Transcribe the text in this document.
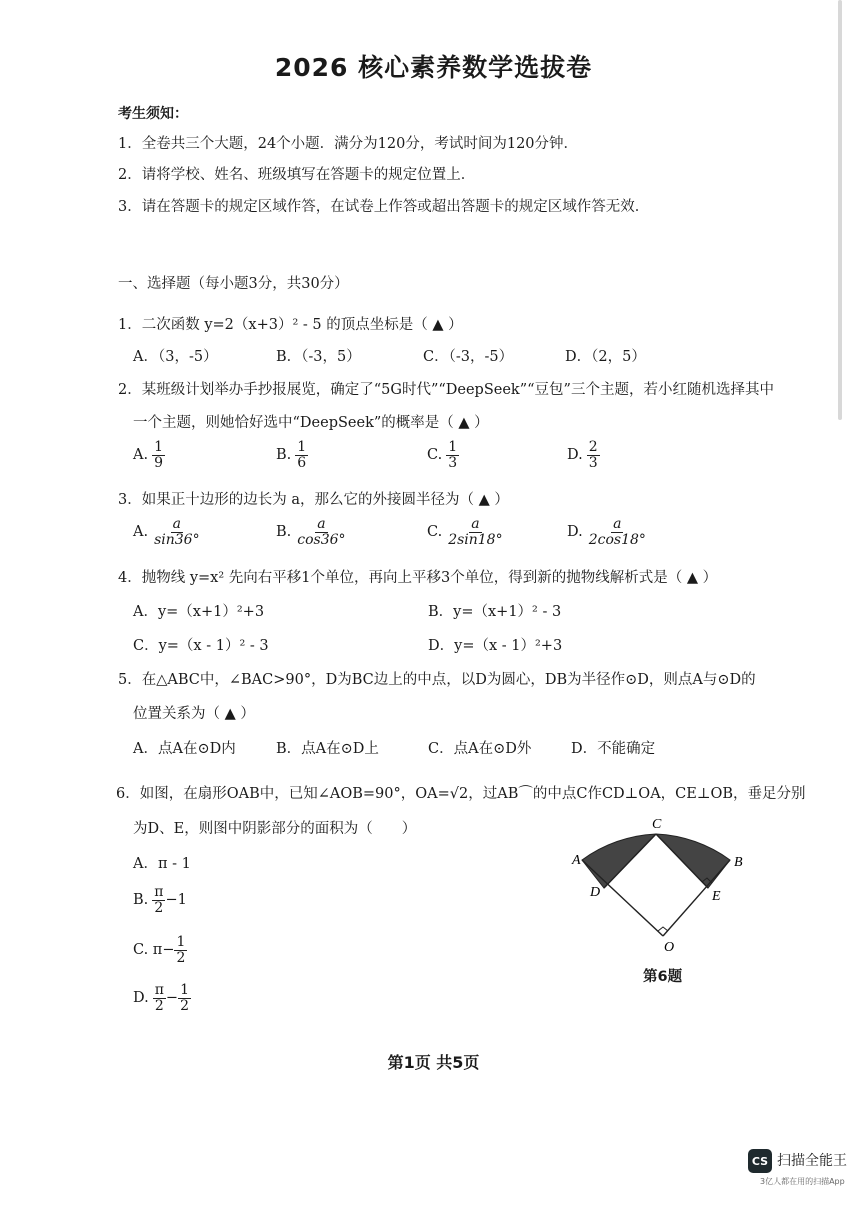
2026 核心素养数学选拔卷
考生须知：
1．全卷共三个大题，24个小题．满分为120分，考试时间为120分钟．
2．请将学校、姓名、班级填写在答题卡的规定位置上．
3．请在答题卡的规定区域作答，在试卷上作答或超出答题卡的规定区域作答无效．
一、选择题（每小题3分，共30分）
1．二次函数 y=2（x+3）² - 5 的顶点坐标是（ ▲ ）
A．（3，-5）	B．（-3，5）	C．（-3，-5）	D．（2，5）
2．某班级计划举办手抄报展览，确定了“5G时代”“DeepSeek”“豆包”三个主题，若小红随机选择其中
一个主题，则她恰好选中“DeepSeek”的概率是（ ▲ ）
A. $\frac{1}{9}$	B. $\frac{1}{6}$	C. $\frac{1}{3}$	D. $\frac{2}{3}$
3．如果正十边形的边长为 a，那么它的外接圆半径为（ ▲ ）
A. $\frac{a}{\sin 36^\circ}$	B. $\frac{a}{\cos 36^\circ}$	C. $\frac{a}{2\sin 18^\circ}$	D. $\frac{a}{2\cos 18^\circ}$
4．抛物线 y=x² 先向右平移1个单位，再向上平移3个单位，得到新的抛物线解析式是（ ▲ ）
A．y=（x+1）²+3	B．y=（x+1）² - 3
C．y=（x - 1）² - 3	D．y=（x - 1）²+3
5．在△ABC中，∠BAC>90°，D为BC边上的中点，以D为圆心，DB为半径作⊙D，则点A与⊙D的
位置关系为（ ▲ ）
A．点A在⊙D内	B．点A在⊙D上	C．点A在⊙D外	D．不能确定
6．如图，在扇形OAB中，已知∠AOB=90°，OA=√2，过AB⌒的中点C作CD⊥OA，CE⊥OB，垂足分别
为D、E，则图中阴影部分的面积为（　　）
A．π - 1
B. $\frac{\pi}{2} -1$
C. $\pi- \frac{1}{2}$
D. $\frac{\pi}{2} - \frac{1}{2}$
A	B
C
D	E
O
第6题
第1页 共5页
CS 扫描全能王
3亿人都在用的扫描App
